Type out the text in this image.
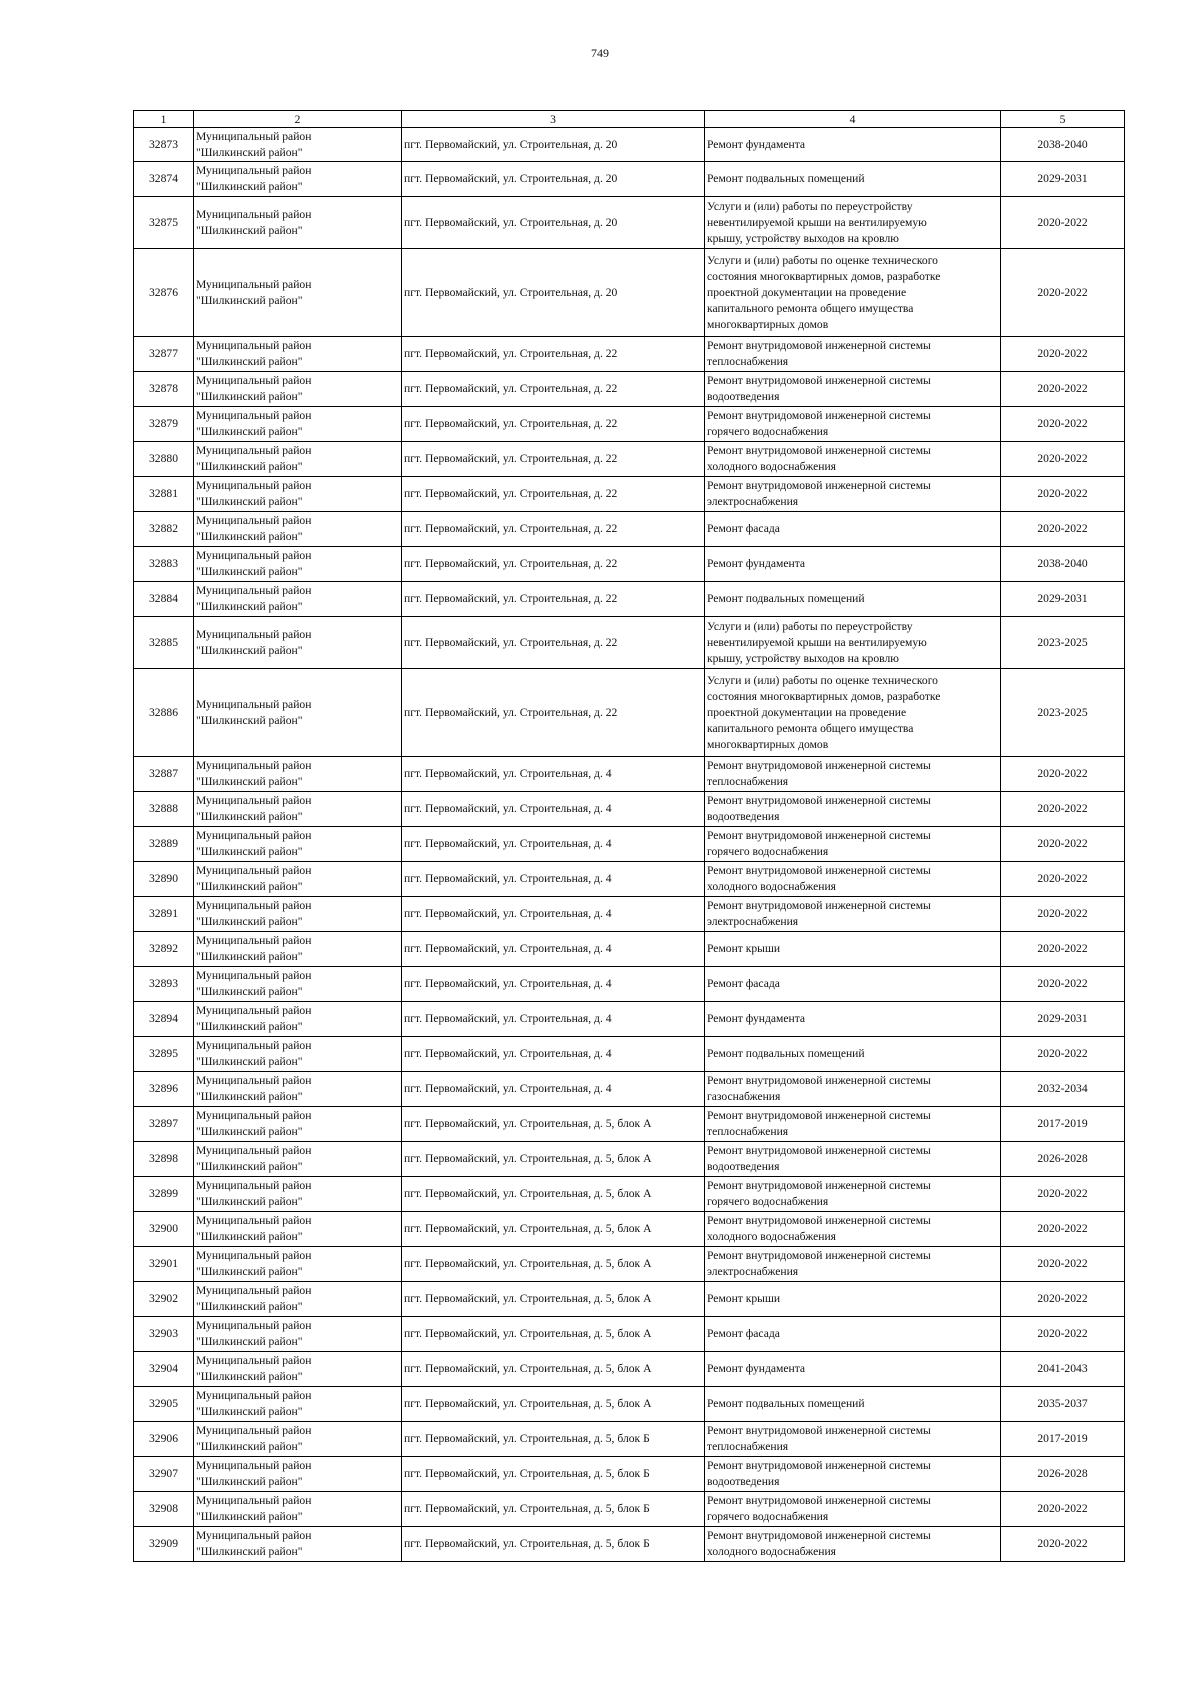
749
1	2	3	4	5
32873	Муниципальный район
"Шилкинский район"	пгт. Первомайский, ул. Строительная, д. 20	Ремонт фундамента	2038-2040
32874	Муниципальный район
"Шилкинский район"	пгт. Первомайский, ул. Строительная, д. 20	Ремонт подвальных помещений	2029-2031
32875	Муниципальный район
"Шилкинский район"	пгт. Первомайский, ул. Строительная, д. 20	Услуги и (или) работы по переустройству
невентилируемой крыши на вентилируемую
крышу, устройству выходов на кровлю	2020-2022
32876	Муниципальный район
"Шилкинский район"	пгт. Первомайский, ул. Строительная, д. 20	Услуги и (или) работы по оценке технического
состояния многоквартирных домов, разработке
проектной документации на проведение
капитального ремонта общего имущества
многоквартирных домов	2020-2022
32877	Муниципальный район
"Шилкинский район"	пгт. Первомайский, ул. Строительная, д. 22	Ремонт внутридомовой инженерной системы
теплоснабжения	2020-2022
32878	Муниципальный район
"Шилкинский район"	пгт. Первомайский, ул. Строительная, д. 22	Ремонт внутридомовой инженерной системы
водоотведения	2020-2022
32879	Муниципальный район
"Шилкинский район"	пгт. Первомайский, ул. Строительная, д. 22	Ремонт внутридомовой инженерной системы
горячего водоснабжения	2020-2022
32880	Муниципальный район
"Шилкинский район"	пгт. Первомайский, ул. Строительная, д. 22	Ремонт внутридомовой инженерной системы
холодного водоснабжения	2020-2022
32881	Муниципальный район
"Шилкинский район"	пгт. Первомайский, ул. Строительная, д. 22	Ремонт внутридомовой инженерной системы
электроснабжения	2020-2022
32882	Муниципальный район
"Шилкинский район"	пгт. Первомайский, ул. Строительная, д. 22	Ремонт фасада	2020-2022
32883	Муниципальный район
"Шилкинский район"	пгт. Первомайский, ул. Строительная, д. 22	Ремонт фундамента	2038-2040
32884	Муниципальный район
"Шилкинский район"	пгт. Первомайский, ул. Строительная, д. 22	Ремонт подвальных помещений	2029-2031
32885	Муниципальный район
"Шилкинский район"	пгт. Первомайский, ул. Строительная, д. 22	Услуги и (или) работы по переустройству
невентилируемой крыши на вентилируемую
крышу, устройству выходов на кровлю	2023-2025
32886	Муниципальный район
"Шилкинский район"	пгт. Первомайский, ул. Строительная, д. 22	Услуги и (или) работы по оценке технического
состояния многоквартирных домов, разработке
проектной документации на проведение
капитального ремонта общего имущества
многоквартирных домов	2023-2025
32887	Муниципальный район
"Шилкинский район"	пгт. Первомайский, ул. Строительная, д. 4	Ремонт внутридомовой инженерной системы
теплоснабжения	2020-2022
32888	Муниципальный район
"Шилкинский район"	пгт. Первомайский, ул. Строительная, д. 4	Ремонт внутридомовой инженерной системы
водоотведения	2020-2022
32889	Муниципальный район
"Шилкинский район"	пгт. Первомайский, ул. Строительная, д. 4	Ремонт внутридомовой инженерной системы
горячего водоснабжения	2020-2022
32890	Муниципальный район
"Шилкинский район"	пгт. Первомайский, ул. Строительная, д. 4	Ремонт внутридомовой инженерной системы
холодного водоснабжения	2020-2022
32891	Муниципальный район
"Шилкинский район"	пгт. Первомайский, ул. Строительная, д. 4	Ремонт внутридомовой инженерной системы
электроснабжения	2020-2022
32892	Муниципальный район
"Шилкинский район"	пгт. Первомайский, ул. Строительная, д. 4	Ремонт крыши	2020-2022
32893	Муниципальный район
"Шилкинский район"	пгт. Первомайский, ул. Строительная, д. 4	Ремонт фасада	2020-2022
32894	Муниципальный район
"Шилкинский район"	пгт. Первомайский, ул. Строительная, д. 4	Ремонт фундамента	2029-2031
32895	Муниципальный район
"Шилкинский район"	пгт. Первомайский, ул. Строительная, д. 4	Ремонт подвальных помещений	2020-2022
32896	Муниципальный район
"Шилкинский район"	пгт. Первомайский, ул. Строительная, д. 4	Ремонт внутридомовой инженерной системы
газоснабжения	2032-2034
32897	Муниципальный район
"Шилкинский район"	пгт. Первомайский, ул. Строительная, д. 5, блок А	Ремонт внутридомовой инженерной системы
теплоснабжения	2017-2019
32898	Муниципальный район
"Шилкинский район"	пгт. Первомайский, ул. Строительная, д. 5, блок А	Ремонт внутридомовой инженерной системы
водоотведения	2026-2028
32899	Муниципальный район
"Шилкинский район"	пгт. Первомайский, ул. Строительная, д. 5, блок А	Ремонт внутридомовой инженерной системы
горячего водоснабжения	2020-2022
32900	Муниципальный район
"Шилкинский район"	пгт. Первомайский, ул. Строительная, д. 5, блок А	Ремонт внутридомовой инженерной системы
холодного водоснабжения	2020-2022
32901	Муниципальный район
"Шилкинский район"	пгт. Первомайский, ул. Строительная, д. 5, блок А	Ремонт внутридомовой инженерной системы
электроснабжения	2020-2022
32902	Муниципальный район
"Шилкинский район"	пгт. Первомайский, ул. Строительная, д. 5, блок А	Ремонт крыши	2020-2022
32903	Муниципальный район
"Шилкинский район"	пгт. Первомайский, ул. Строительная, д. 5, блок А	Ремонт фасада	2020-2022
32904	Муниципальный район
"Шилкинский район"	пгт. Первомайский, ул. Строительная, д. 5, блок А	Ремонт фундамента	2041-2043
32905	Муниципальный район
"Шилкинский район"	пгт. Первомайский, ул. Строительная, д. 5, блок А	Ремонт подвальных помещений	2035-2037
32906	Муниципальный район
"Шилкинский район"	пгт. Первомайский, ул. Строительная, д. 5, блок Б	Ремонт внутридомовой инженерной системы
теплоснабжения	2017-2019
32907	Муниципальный район
"Шилкинский район"	пгт. Первомайский, ул. Строительная, д. 5, блок Б	Ремонт внутридомовой инженерной системы
водоотведения	2026-2028
32908	Муниципальный район
"Шилкинский район"	пгт. Первомайский, ул. Строительная, д. 5, блок Б	Ремонт внутридомовой инженерной системы
горячего водоснабжения	2020-2022
32909	Муниципальный район
"Шилкинский район"	пгт. Первомайский, ул. Строительная, д. 5, блок Б	Ремонт внутридомовой инженерной системы
холодного водоснабжения	2020-2022
